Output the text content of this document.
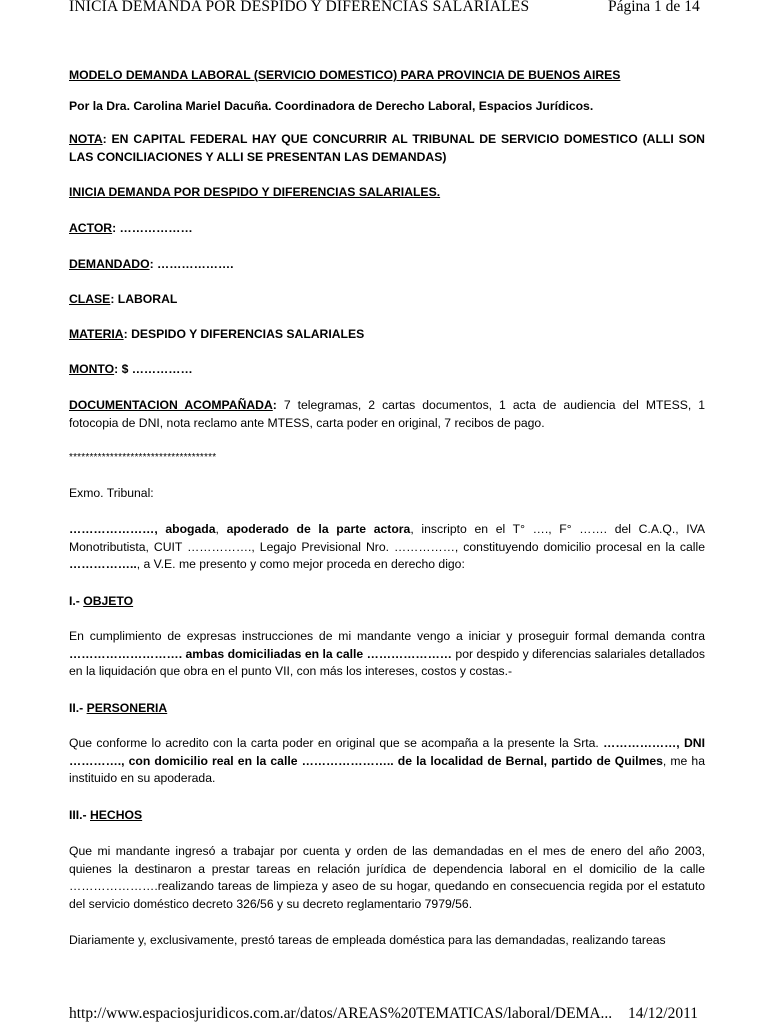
INICIA DEMANDA POR DESPIDO Y DIFERENCIAS SALARIALES	Página 1 de 14

MODELO DEMANDA LABORAL (SERVICIO DOMESTICO) PARA PROVINCIA DE BUENOS AIRES

Por la Dra. Carolina Mariel Dacuña. Coordinadora de Derecho Laboral, Espacios Jurídicos.

NOTA: EN CAPITAL FEDERAL HAY QUE CONCURRIR AL TRIBUNAL DE SERVICIO DOMESTICO (ALLI SON LAS CONCILIACIONES Y ALLI SE PRESENTAN LAS DEMANDAS)

INICIA DEMANDA POR DESPIDO Y DIFERENCIAS SALARIALES.

ACTOR: ………………

DEMANDADO: ……………….

CLASE: LABORAL

MATERIA: DESPIDO Y DIFERENCIAS SALARIALES

MONTO: $ ……………

DOCUMENTACION ACOMPAÑADA: 7 telegramas, 2 cartas documentos, 1 acta de audiencia del MTESS, 1 fotocopia de DNI, nota reclamo ante MTESS, carta poder en original, 7 recibos de pago.

************************************

Exmo. Tribunal:

…………………, abogada, apoderado de la parte actora, inscripto en el T° …., F° ……. del C.A.Q., IVA Monotributista, CUIT ……………., Legajo Previsional Nro. ……………, constituyendo domicilio procesal en la calle …………….., a V.E. me presento y como mejor proceda en derecho digo:

I.- OBJETO

En cumplimiento de expresas instrucciones de mi mandante vengo a iniciar y proseguir formal demanda contra ………………………. ambas domiciliadas en la calle ………………… por despido y diferencias salariales detallados en la liquidación que obra en el punto VII, con más los intereses, costos y costas.-

II.- PERSONERIA

Que conforme lo acredito con la carta poder en original que se acompaña a la presente la Srta. ………………, DNI …………., con domicilio real en la calle ………………….. de la localidad de Bernal, partido de Quilmes, me ha instituido en su apoderada.

III.- HECHOS

Que mi mandante ingresó a trabajar por cuenta y orden de las demandadas en el mes de enero del año 2003, quienes la destinaron a prestar tareas en relación jurídica de dependencia laboral en el domicilio de la calle ………………….realizando tareas de limpieza y aseo de su hogar, quedando en consecuencia regida por el estatuto del servicio doméstico decreto 326/56 y su decreto reglamentario 7979/56.

Diariamente y, exclusivamente, prestó tareas de empleada doméstica para las demandadas, realizando tareas

http://www.espaciosjuridicos.com.ar/datos/AREAS%20TEMATICAS/laboral/DEMA... 14/12/2011
